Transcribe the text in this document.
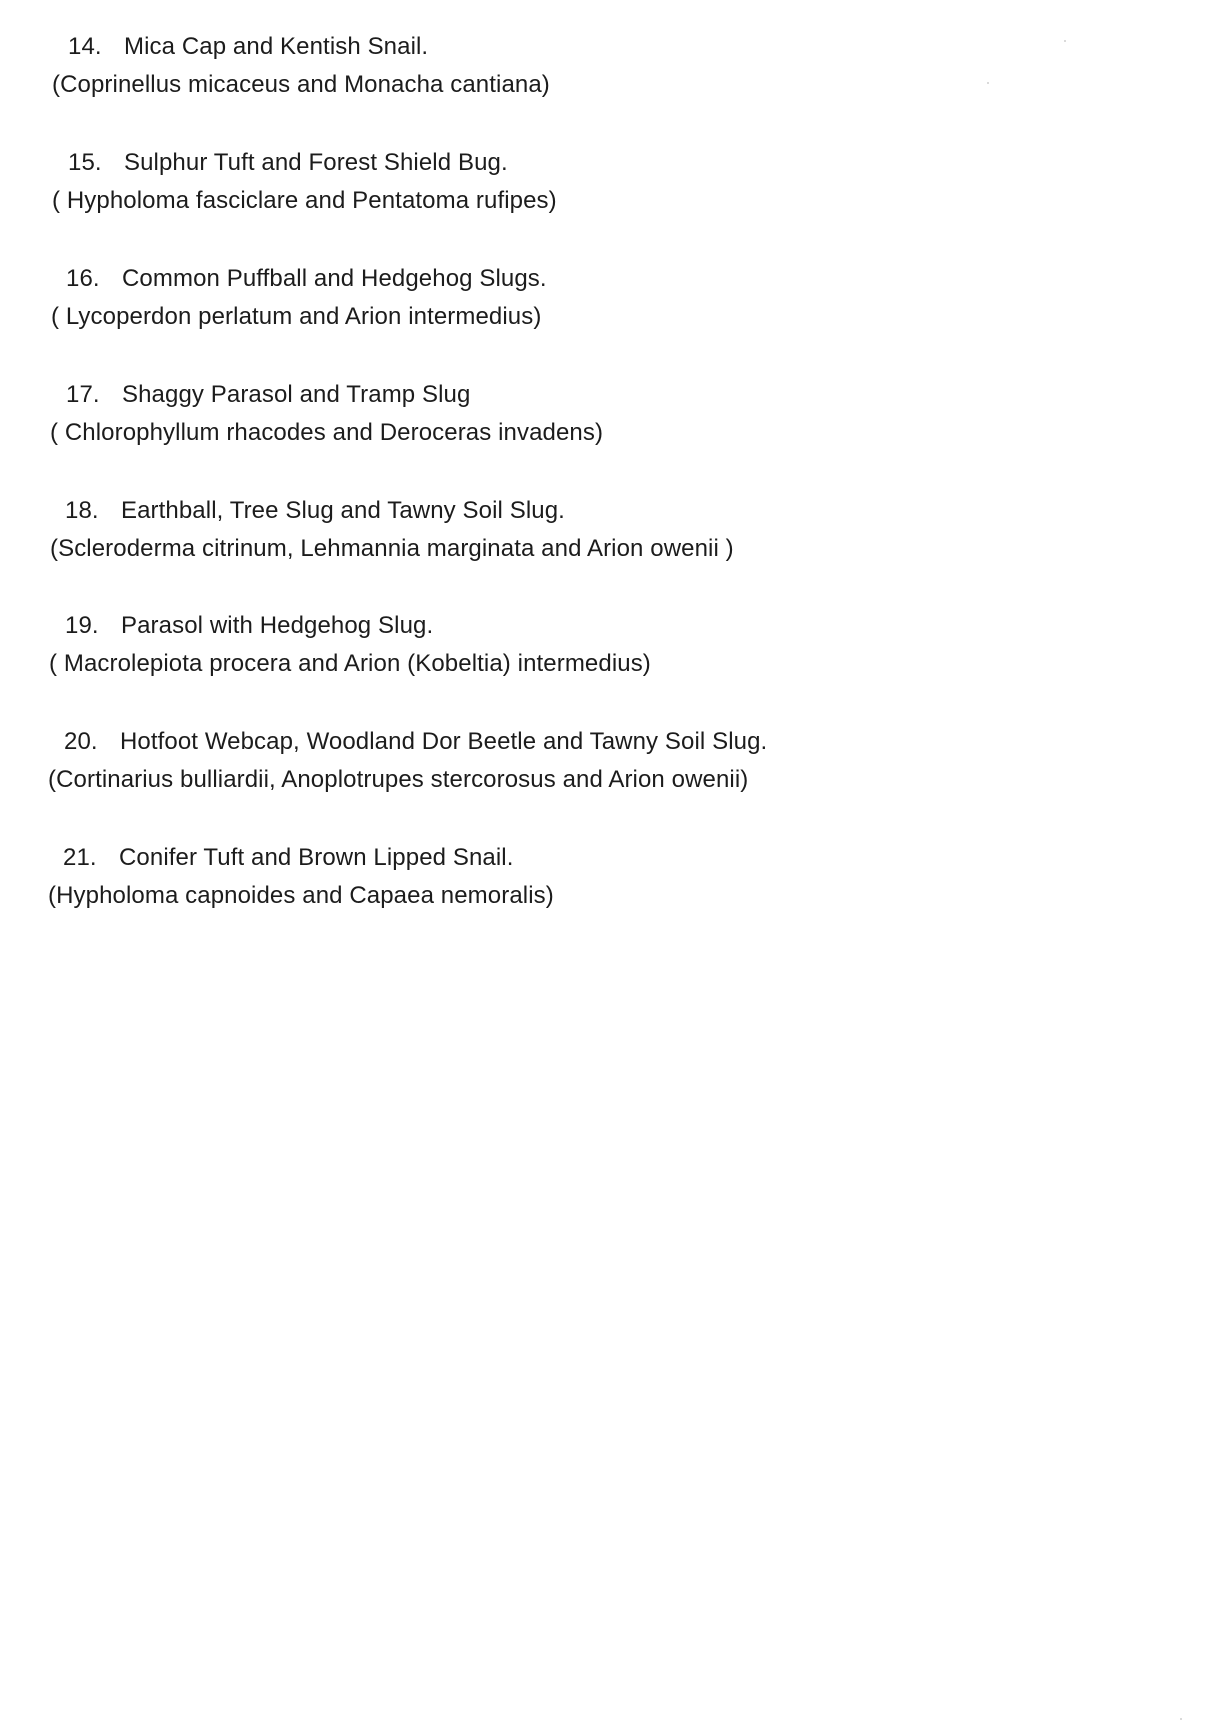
14. Mica Cap and Kentish Snail.
(Coprinellus micaceus and Monacha cantiana)
15. Sulphur Tuft and Forest Shield Bug.
( Hypholoma fasciclare and Pentatoma rufipes)
16. Common Puffball and Hedgehog Slugs.
( Lycoperdon perlatum and Arion intermedius)
17. Shaggy Parasol and Tramp Slug
( Chlorophyllum rhacodes and Deroceras invadens)
18. Earthball, Tree Slug and Tawny Soil Slug.
(Scleroderma citrinum, Lehmannia marginata and Arion owenii )
19. Parasol with Hedgehog Slug.
( Macrolepiota procera and Arion (Kobeltia) intermedius)
20. Hotfoot Webcap, Woodland Dor Beetle and Tawny Soil Slug.
(Cortinarius bulliardii, Anoplotrupes stercorosus and Arion owenii)
21. Conifer Tuft and Brown Lipped Snail.
(Hypholoma capnoides and Capaea nemoralis)
